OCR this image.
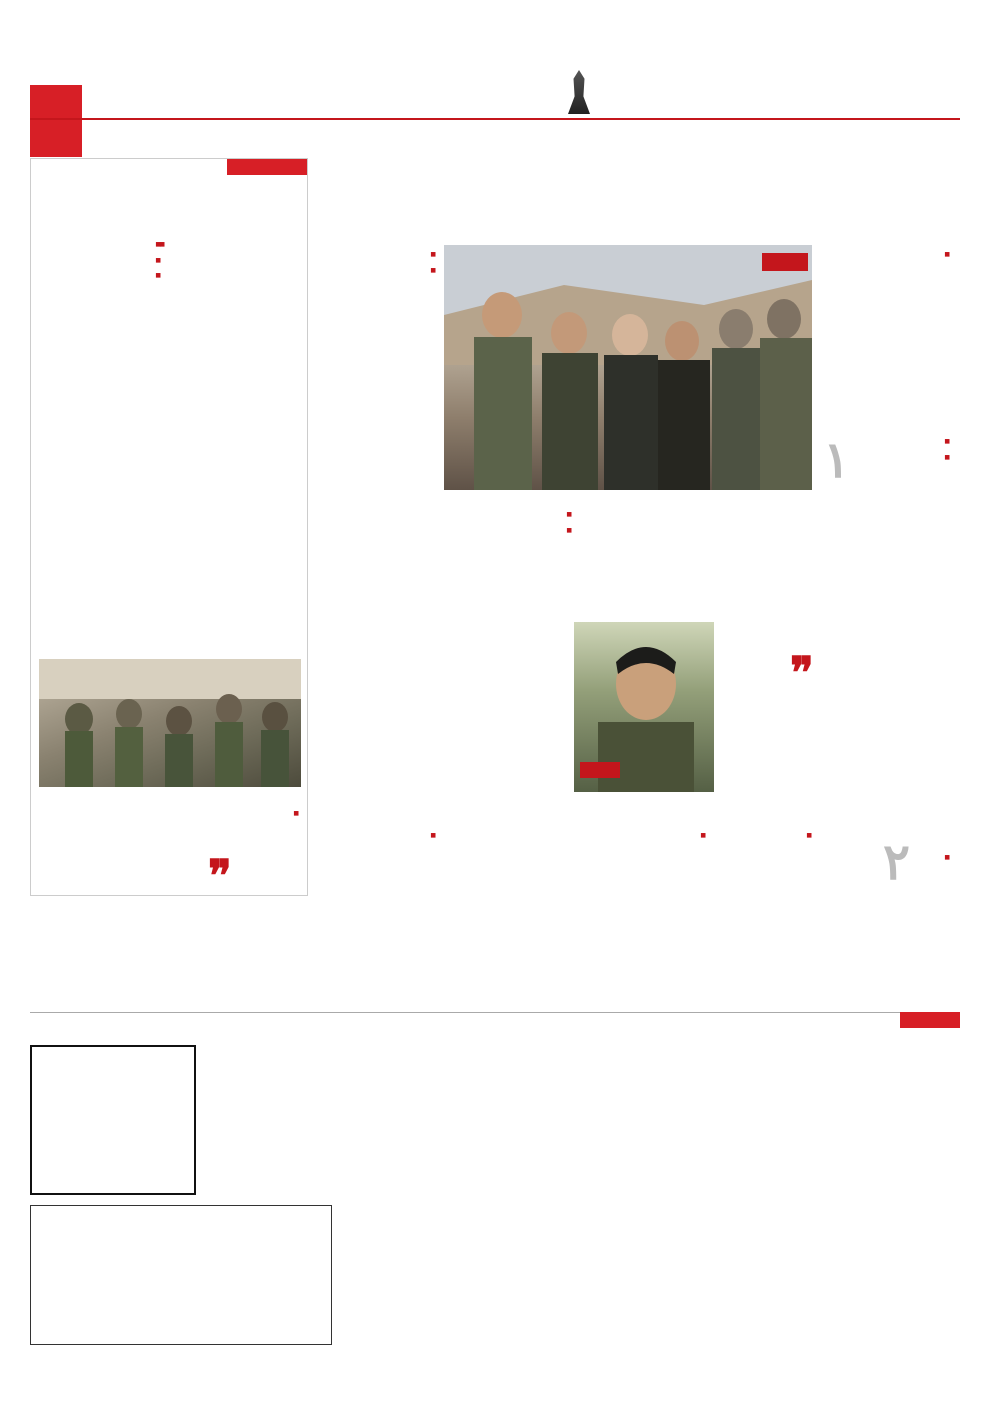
■
■
■
■
■
❞
■
١
■
■
■
■
❞
■
■
٢
■
■
■
■
